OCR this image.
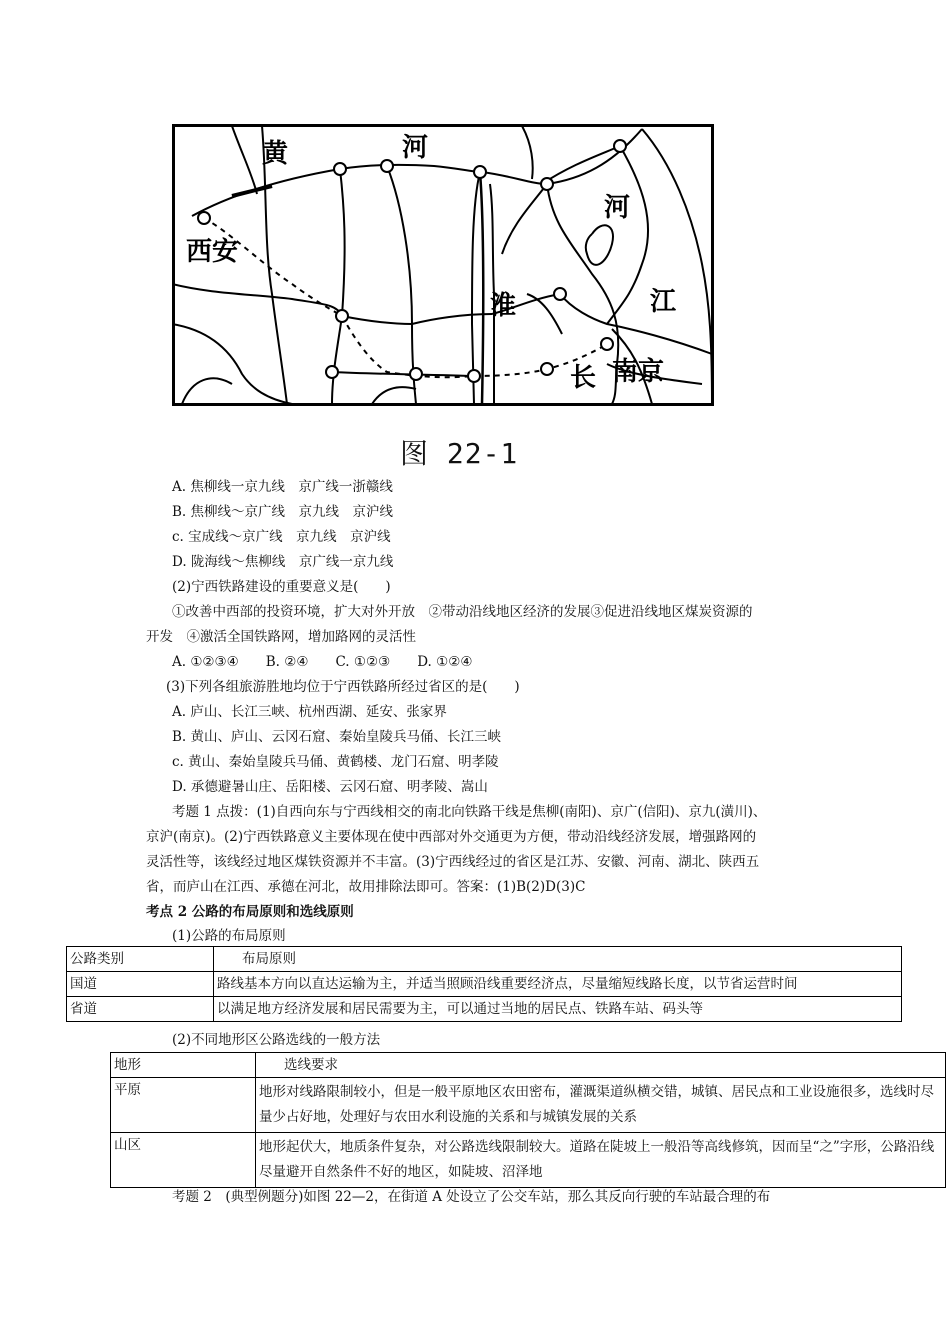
黄	河
西安
河
淮	江
长 南京
图 22-1
A. 焦柳线一京九线　京广线一浙赣线
B. 焦柳线～京广线　京九线　京沪线
c. 宝成线～京广线　京九线　京沪线
D. 陇海线～焦柳线　京广线一京九线
(2)宁西铁路建设的重要意义是(　　)
①改善中西部的投资环境，扩大对外开放　②带动沿线地区经济的发展③促进沿线地区煤炭资源的
开发　④激活全国铁路网，增加路网的灵活性
A. ①②③④　　B. ②④　　C. ①②③　　D. ①②④
(3)下列各组旅游胜地均位于宁西铁路所经过省区的是(　　)
A. 庐山、长江三峡、杭州西湖、延安、张家界
B. 黄山、庐山、云冈石窟、秦始皇陵兵马俑、长江三峡
c. 黄山、秦始皇陵兵马俑、黄鹤楼、龙门石窟、明孝陵
D. 承德避暑山庄、岳阳楼、云冈石窟、明孝陵、嵩山
考题 1 点拨：(1)自西向东与宁西线相交的南北向铁路干线是焦柳(南阳)、京广(信阳)、京九(潢川)、
京沪(南京)。(2)宁西铁路意义主要体现在使中西部对外交通更为方便，带动沿线经济发展，增强路网的
灵活性等，该线经过地区煤铁资源并不丰富。(3)宁西线经过的省区是江苏、安徽、河南、湖北、陕西五
省，而庐山在江西、承德在河北，故用排除法即可。答案：(1)B(2)D(3)C
考点 2 公路的布局原则和选线原则
(1)公路的布局原则
公路类别	布局原则
国道	路线基本方向以直达运输为主，并适当照顾沿线重要经济点，尽量缩短线路长度，以节省运营时间
省道	以满足地方经济发展和居民需要为主，可以通过当地的居民点、铁路车站、码头等
(2)不同地形区公路选线的一般方法
地形	选线要求
平原	地形对线路限制较小，但是一般平原地区农田密布，灌溉渠道纵横交错，城镇、居民点和工业设施很多，选线时尽量少占好地，处理好与农田水利设施的关系和与城镇发展的关系
山区	地形起伏大，地质条件复杂，对公路选线限制较大。道路在陡坡上一般沿等高线修筑，因而呈“之”字形，公路沿线尽量避开自然条件不好的地区，如陡坡、沼泽地
考题 2　(典型例题分)如图 22—2，在街道 A 处设立了公交车站，那么其反向行驶的车站最合理的布
